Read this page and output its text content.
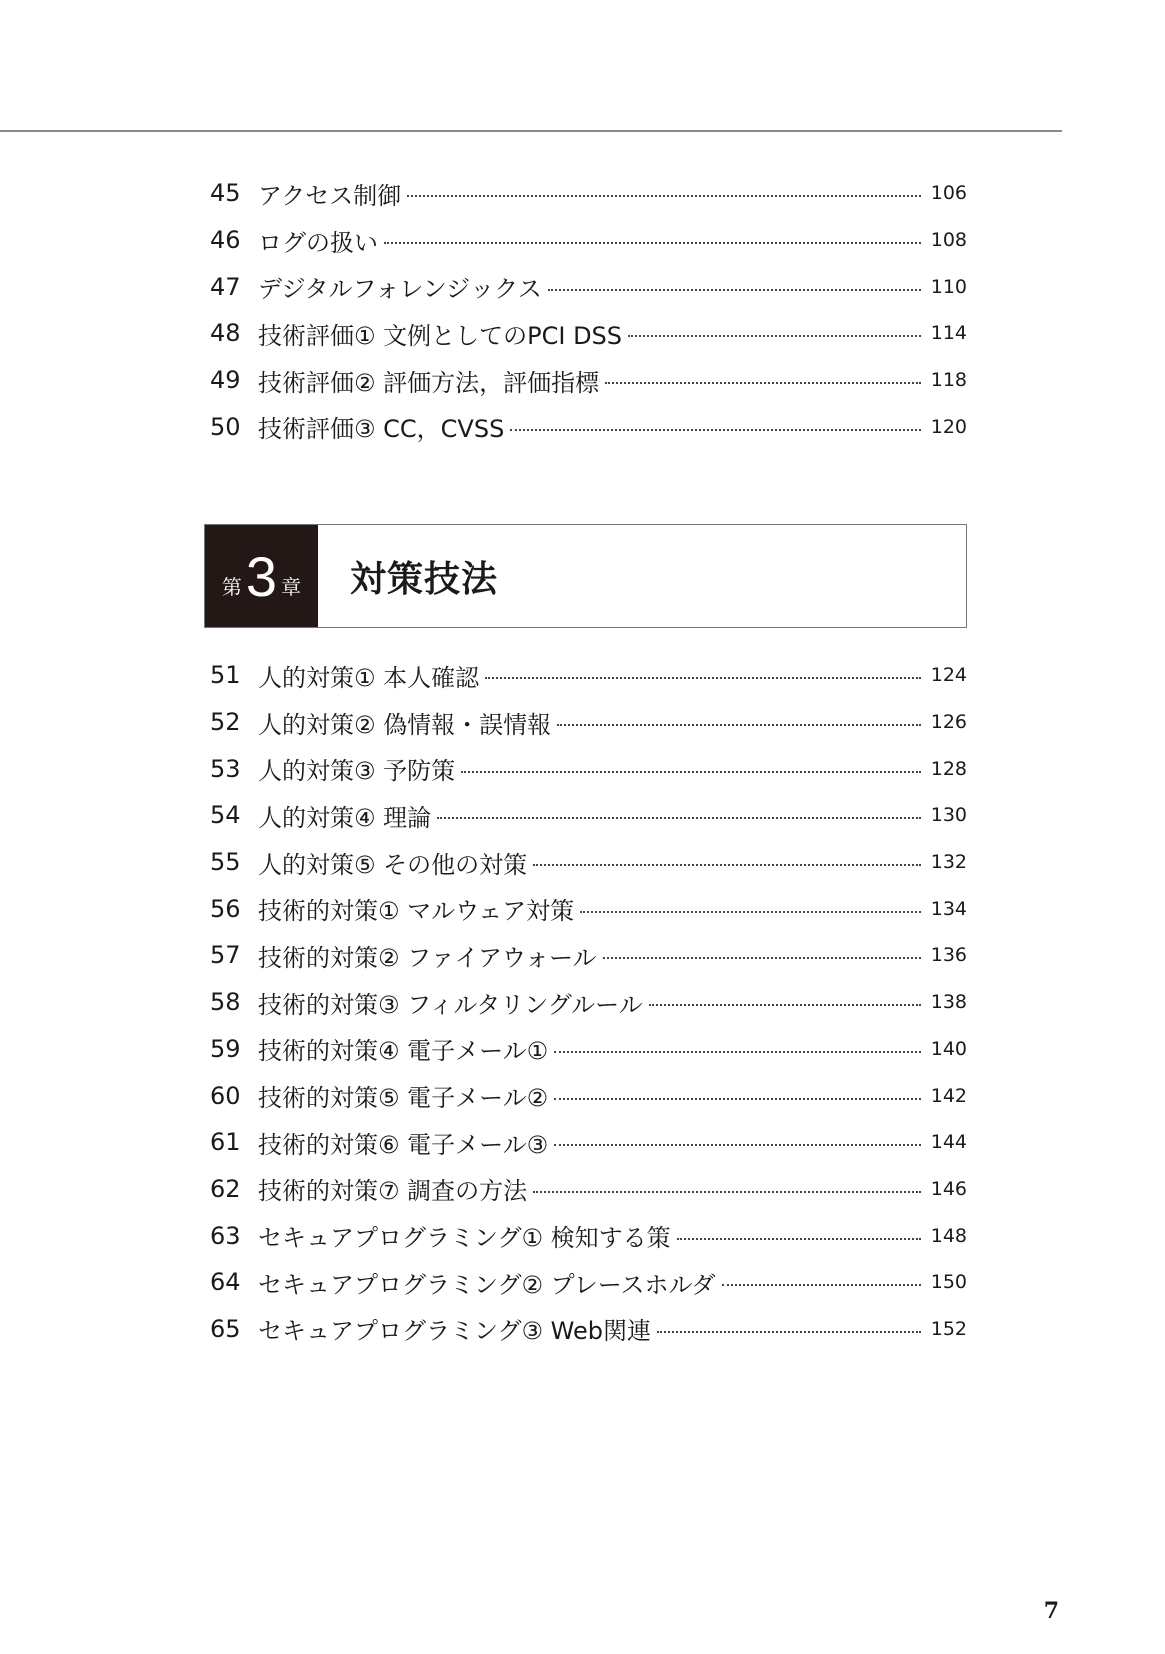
45 アクセス制御	106
46 ログの扱い	108
47 デジタルフォレンジックス	110
48 技術評価① 文例としてのPCI DSS	114
49 技術評価② 評価方法，評価指標	118
50 技術評価③ CC，CVSS	120
第 3 章	対策技法
51 人的対策① 本人確認	124
52 人的対策② 偽情報・誤情報	126
53 人的対策③ 予防策	128
54 人的対策④ 理論	130
55 人的対策⑤ その他の対策	132
56 技術的対策① マルウェア対策	134
57 技術的対策② ファイアウォール	136
58 技術的対策③ フィルタリングルール	138
59 技術的対策④ 電子メール①	140
60 技術的対策⑤ 電子メール②	142
61 技術的対策⑥ 電子メール③	144
62 技術的対策⑦ 調査の方法	146
63 セキュアプログラミング① 検知する策	148
64 セキュアプログラミング② プレースホルダ	150
65 セキュアプログラミング③ Web関連	152
7
